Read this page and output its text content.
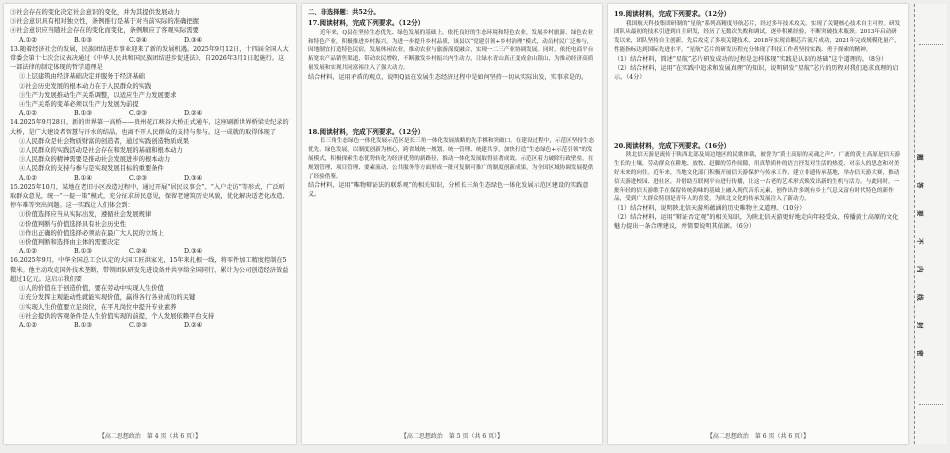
③社会存在的变化决定社会意识的变化，并为其提供发展动力
③社会意识具有相对独立性，条例推行是基于对当前实际的准确把握
④社会意识应当随社会存在的变化而变化，条例顺应了客观实际需要
A.①②	B.①③	C.②④	D.③④
13.随着经济社会的发展，民族团结进步事业迎来了新的发展机遇。2025年9月12日，十四届全国人大常委会第十七次会议表决通过《中华人民共和国民族团结进步促进法》，自2026年3月1日起施行。这一部法律的制定体现的哲学道理是
①上层建筑由经济基础决定并服务于经济基础
②社会历史发展的根本动力在于人民群众的实践
③生产力发展推动生产关系调整，以适应生产力发展要求
④生产关系的变革必须以生产力发展为前提
A.①②	B.①③	C.②③	D.②④
14.2025年9月28日，新的世界第一高桥——贵州花江峡谷大桥正式通车，这座刷新世界桥梁史纪录的大桥，是广大建设者智慧与汗水的结晶，也离不开人民群众的支持与参与。这一成就的取得体现了
①人民群众是社会物质财富的创造者，通过实践创造物质成果
②人民群众的实践活动是社会存在和发展的基础和根本动力
③人民群众的精神需要是推动社会发展进步的根本动力
④人民群众的支持与参与是实现发展目标的重要条件
A.①②	B.①④	C.②③	D.③④
15.2025年10月，某地在老旧小区改造过程中，通过开展“居民议事会”、“入户走访”等形式，广泛听取群众意见，统一“一提一策”模式，充分征求居民意见，保留老建筑历史风貌，优化解决适老化改造、停车难等突出问题。这一实践让人们体会到：
①价值选择应当从实际出发，遵循社会发展规律
②价值判断与价值选择具有社会历史性
③作出正确的价值选择必须站在最广大人民的立场上
④价值判断和选择由主体的需要决定
A.①②	B.①③	C.②④	D.③④
16.2025年9月，中华全国总工会认定的大国工匠洪家光，15年来扎根一线，将零件加工精度控制在5微米。他主动攻克国外技术垄断，带领团队研发先进设备并共享给全国同行，累计为公司创造经济效益超过1亿元。这启示我们要
①人的价值在于创造价值，要在劳动中实现人生价值
②充分发挥主观能动性就能实现价值，赢得各行各业成功的关键
③实现人生价值要立足岗位，在平凡岗位中提升专业素养
④社会提供的客观条件是人生价值实现的前提，个人发展依赖平台支持
A.①②	B.①③	C.②③	D.②④
【高二思想政治　第 4 页（共 6 页）】
二、非选择题：共52分。
17.阅读材料，完成下列要求。（12分）
近年来，Q县在坚持生态优先、绿色发展的基础上，依托良好的生态环境和特色农业，发展乡村旅游、绿色农业和特色产业，积极推进乡村振兴。为进一步提升乡村品质，该县以“党建引领+乡村治理”模式，动员村民广泛参与，因地制宜打造特色民宿，发展休闲农业，推动农业与旅游深度融合，实现一二三产业协调发展。同时，依托电商平台拓宽农产品销售渠道，带动农民增收，不断激发乡村振兴内生动力，让绿水青山真正变成金山银山，为推动经济高质量发展和实现共同富裕注入了强大动力。
结合材料，运用矛盾的观点，说明Q县在发展生态经济过程中是如何坚持一切从实际出发，实事求是的。
18.阅读材料，完成下列要求。（12分）
长三角生态绿色一体化发展示范区是长三角一体化发展战略的先手棋和突破口。在建设过程中，示范区坚持生态优先、绿色发展，以制度创新为核心，跨省域统一规划、统一管理、统建共享，加快打造“生态绿色+示范引领”的发展模式，积极探索生态优势转化为经济优势的新路径，推动一体化发展取得显著成效。示范区着力破除行政壁垒，在规划管理、项目管理、要素流动、公共服务等方面形成一批可复制可推广的制度创新成果，为全国区域协调发展提供了经验借鉴。
结合材料，运用“唯物辩证法的联系观”的相关知识，分析长三角生态绿色一体化发展示范区建设的实践意义。
【高二思想政治　第 5 页（共 6 页）】
19.阅读材料，完成下列要求。（12分）
我国航天科技集团研制的“星航”系列高精度导航芯片，经过多年技术攻关，实现了关键核心技术自主可控。研发团队从最初的技术引进到自主研发，经历了无数次失败和调试，逐步积累经验，不断突破技术瓶颈。2013年启动研发以来，团队坚持自主创新，先后攻克了多项关键技术，2018年实现首颗芯片流片成功，2021年完成规模化量产，性能指标达到国际先进水平。“星航”芯片的研发历程充分体现了科技工作者坚持实践、勇于探索的精神。
（1）结合材料，简述“星航”芯片研发成功的过程是怎样体现“实践是认识的基础”这个道理的。（8分）
（2）结合材料，运用“在实践中追求和发展真理”的知识，说明研发“星航”芯片的历程对我们追求真理的启示。（4分）
20.阅读材料，完成下列要求。（16分）
陕北信天游是流传于陕西北部及周边地区的民歌体裁，被誉为“黄土高原的灵魂之声”。广袤的黄土高原是信天游生长的土壤，劳动群众在耕地、放牧、赶脚的劳作间隙，用真挚质朴的语言抒发对生活的热爱、对亲人的思念和对美好未来的向往。近年来，当地文化部门积极开展信天游保护与传承工作，建立非遗传承基地，举办信天游大赛，推动信天游进校园、进社区，并借助互联网平台进行传播，让这一古老的艺术形式焕发出新的生机与活力。与此同时，一批年轻的信天游歌手在保留传统韵味的基础上融入现代音乐元素，创作出许多既有乡土气息又富有时代特色的新作品，受到广大群众特别是青年人的喜爱，为陕北文化的传承发展注入了新动力。
（1）结合材料，说明陕北信天游所蕴涵的历史唯物主义道理。（10分）
（2）结合材料，运用“辩证否定观”的相关知识，为陕北信天游更好地走向年轻受众、传播黄土高原的文化魅力提出一条合理建议，并简要说明其依据。（6分）
【高二思想政治　第 6 页（共 6 页）】
题
答
要
不
内
线
封
密
